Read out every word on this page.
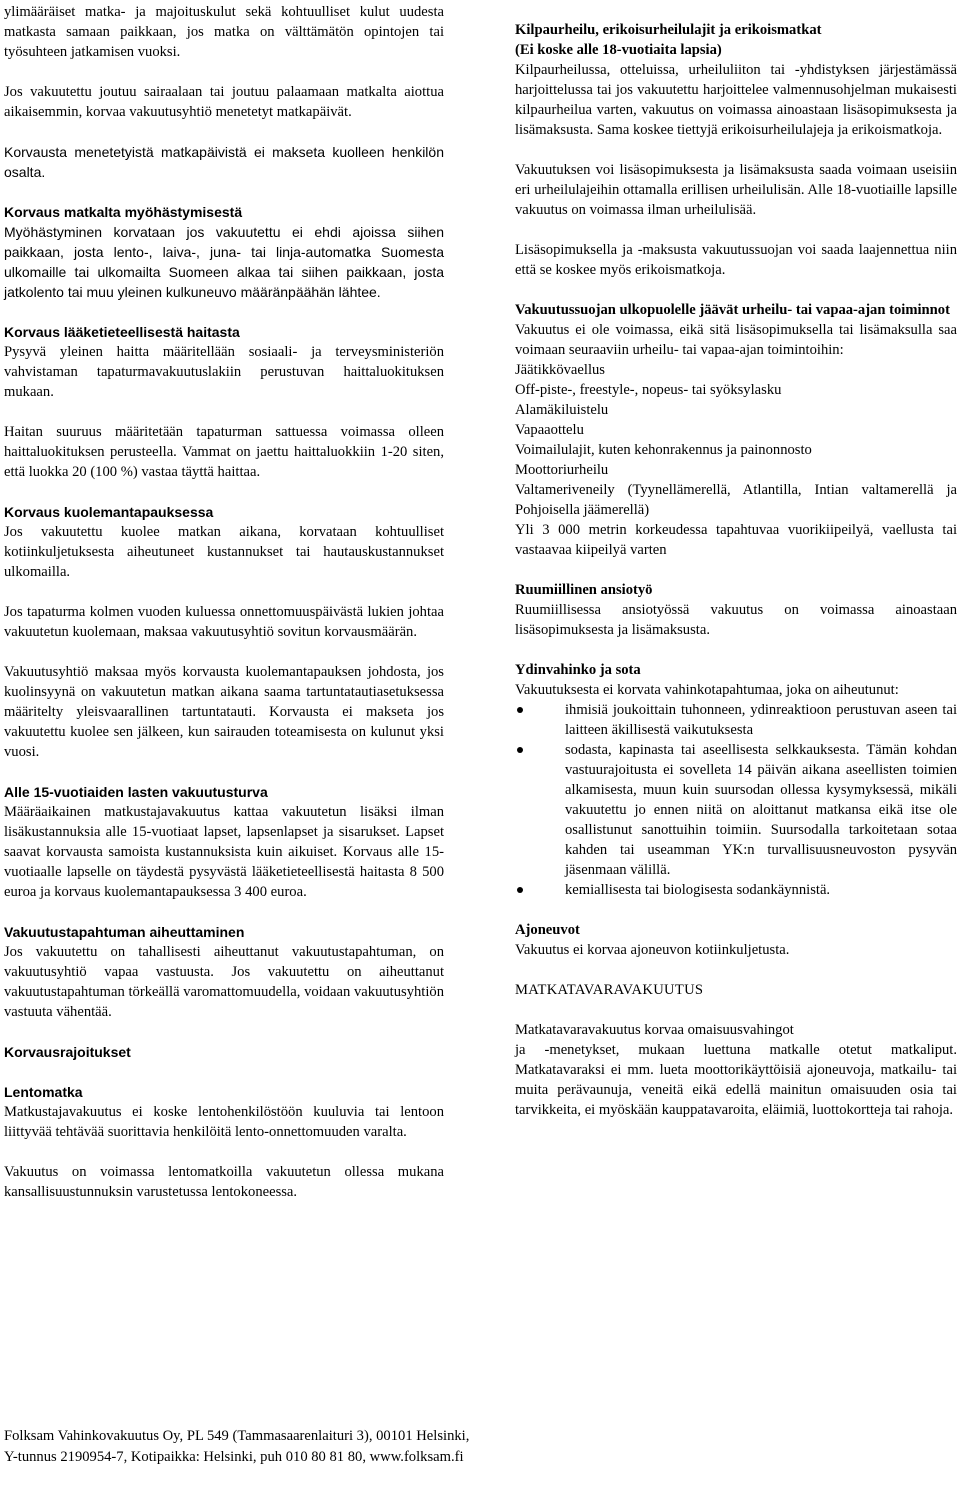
ylimääräiset matka- ja majoituskulut sekä kohtuulliset kulut uudesta matkasta samaan paikkaan, jos matka on välttämätön opintojen tai työsuhteen jatkamisen vuoksi.

Jos vakuutettu joutuu sairaalaan tai joutuu palaamaan matkalta aiottua aikaisemmin, korvaa vakuutusyhtiö menetetyt matkapäivät.

Korvausta menetetyistä matkapäivistä ei makseta kuolleen henkilön osalta.

Korvaus matkalta myöhästymisestä
Myöhästyminen korvataan jos vakuutettu ei ehdi ajoissa siihen paikkaan, josta lento-, laiva-, juna- tai linja-automatka Suomesta ulkomaille tai ulkomailta Suomeen alkaa tai siihen paikkaan, josta jatkolento tai muu yleinen kulkuneuvo määränpäähän lähtee.
Korvaus lääketieteellisestä haitasta

Pysyvä yleinen haitta määritellään sosiaali- ja terveysministeriön vahvistaman tapaturmavakuutuslakiin perustuvan haittaluokituksen mukaan.

Haitan suuruus määritetään tapaturman sattuessa voimassa olleen haittaluokituksen perusteella. Vammat on jaettu haittaluokkiin 1-20 siten, että luokka 20 (100 %) vastaa täyttä haittaa.

Korvaus kuolemantapauksessa

Jos vakuutettu kuolee matkan aikana, korvataan kohtuulliset kotiinkuljetuksesta aiheutuneet kustannukset tai hautauskustannukset ulkomailla.

Jos tapaturma kolmen vuoden kuluessa onnettomuuspäivästä lukien johtaa vakuutetun kuolemaan, maksaa vakuutusyhtiö sovitun korvausmäärän.

Vakuutusyhtiö maksaa myös korvausta kuolemantapauksen johdosta, jos kuolinsyynä on vakuutetun matkan aikana saama tartuntatautiasetuksessa määritelty yleisvaarallinen tartuntatauti. Korvausta ei makseta jos vakuutettu kuolee sen jälkeen, kun sairauden toteamisesta on kulunut yksi vuosi.

Alle 15-vuotiaiden lasten vakuutusturva

Määräaikainen matkustajavakuutus kattaa vakuutetun lisäksi ilman lisäkustannuksia alle 15-vuotiaat lapset, lapsenlapset ja sisarukset. Lapset saavat korvausta samoista kustannuksista kuin aikuiset. Korvaus alle 15-vuotiaalle lapselle on täydestä pysyvästä lääketieteellisestä haitasta 8 500 euroa ja korvaus kuolemantapauksessa 3 400 euroa.

Vakuutustapahtuman aiheuttaminen

Jos vakuutettu on tahallisesti aiheuttanut vakuutustapahtuman, on vakuutusyhtiö vapaa vastuusta. Jos vakuutettu on aiheuttanut vakuutustapahtuman törkeällä varomattomuudella, voidaan vakuutusyhtiön vastuuta vähentää.

Korvausrajoitukset
Lentomatka

Matkustajavakuutus ei koske lentohenkilöstöön kuuluvia tai lentoon liittyvää tehtävää suorittavia henkilöitä lento-onnettomuuden varalta.

Vakuutus on voimassa lentomatkoilla vakuutetun ollessa mukana kansallisuustunnuksin varustetussa lentokoneessa.

Kilpaurheilu, erikoisurheilulajit ja erikoismatkat
(Ei koske alle 18-vuotiaita lapsia)

Kilpaurheilussa, otteluissa, urheiluliiton tai -yhdistyksen järjestämässä harjoittelussa tai jos vakuutettu harjoittelee valmennusohjelman mukaisesti kilpaurheilua varten, vakuutus on voimassa ainoastaan lisäsopimuksesta ja lisämaksusta. Sama koskee tiettyjä erikoisurheilulajeja ja erikoismatkoja.

Vakuutuksen voi lisäsopimuksesta ja lisämaksusta saada voimaan useisiin eri urheilulajeihin ottamalla erillisen urheilulisän. Alle 18-vuotiaille lapsille vakuutus on voimassa ilman urheilulisää.

Lisäsopimuksella ja -maksusta vakuutussuojan voi saada laajennettua niin että se koskee myös erikoismatkoja.

Vakuutussuojan ulkopuolelle jäävät urheilu- tai vapaa-ajan toiminnot
Vakuutus ei ole voimassa, eikä sitä lisäsopimuksella tai lisämaksulla saa voimaan seuraaviin urheilu- tai vapaa-ajan toimintoihin:
Jäätikkövaellus
Off-piste-, freestyle-, nopeus- tai syöksylasku
Alamäkiluistelu
Vapaaottelu
Voimailulajit, kuten kehonrakennus ja painonnosto
Moottoriurheilu
Valtameriveneily (Tyynellämerellä, Atlantilla, Intian valtamerellä ja Pohjoisella jäämerellä)
Yli 3 000 metrin korkeudessa tapahtuvaa vuorikiipeilyä, vaellusta tai vastaavaa kiipeilyä varten
Ruumiillinen ansiotyö

Ruumiillisessa ansiotyössä vakuutus on voimassa ainoastaan lisäsopimuksesta ja lisämaksusta.

Ydinvahinko ja sota
Vakuutuksesta ei korvata vahinkotapahtumaa, joka on aiheutunut:
ihmisiä joukoittain tuhonneen, ydinreaktioon perustuvan aseen tai laitteen äkillisestä vaikutuksesta
sodasta, kapinasta tai aseellisesta selkkauksesta. Tämän kohdan vastuurajoitusta ei sovelleta 14 päivän aikana aseellisten toimien alkamisesta, muun kuin suursodan ollessa kysymyksessä, mikäli vakuutettu jo ennen niitä on aloittanut matkansa eikä itse ole osallistunut sanottuihin toimiin. Suursodalla tarkoitetaan sotaa kahden tai useamman YK:n turvallisuusneuvoston pysyvän jäsenmaan välillä.
kemiallisesta tai biologisesta sodankäynnistä.
Ajoneuvot

Vakuutus ei korvaa ajoneuvon kotiinkuljetusta.

MATKATAVARAVAKUUTUS
Matkatavaravakuutus korvaa omaisuusvahingot
ja -menetykset, mukaan luettuna matkalle otetut matkaliput. Matkatavaraksi ei mm. lueta moottorikäyttöisiä ajoneuvoja, matkailu- tai muita perävaunuja, veneitä eikä edellä mainitun omaisuuden osia tai tarvikkeita, ei myöskään kauppatavaroita, eläimiä, luottokortteja tai rahoja.
Folksam Vahinkovakuutus Oy, PL 549 (Tammasaarenlaituri 3), 00101 Helsinki,
Y-tunnus 2190954-7, Kotipaikka: Helsinki, puh 010 80 81 80, www.folksam.fi
